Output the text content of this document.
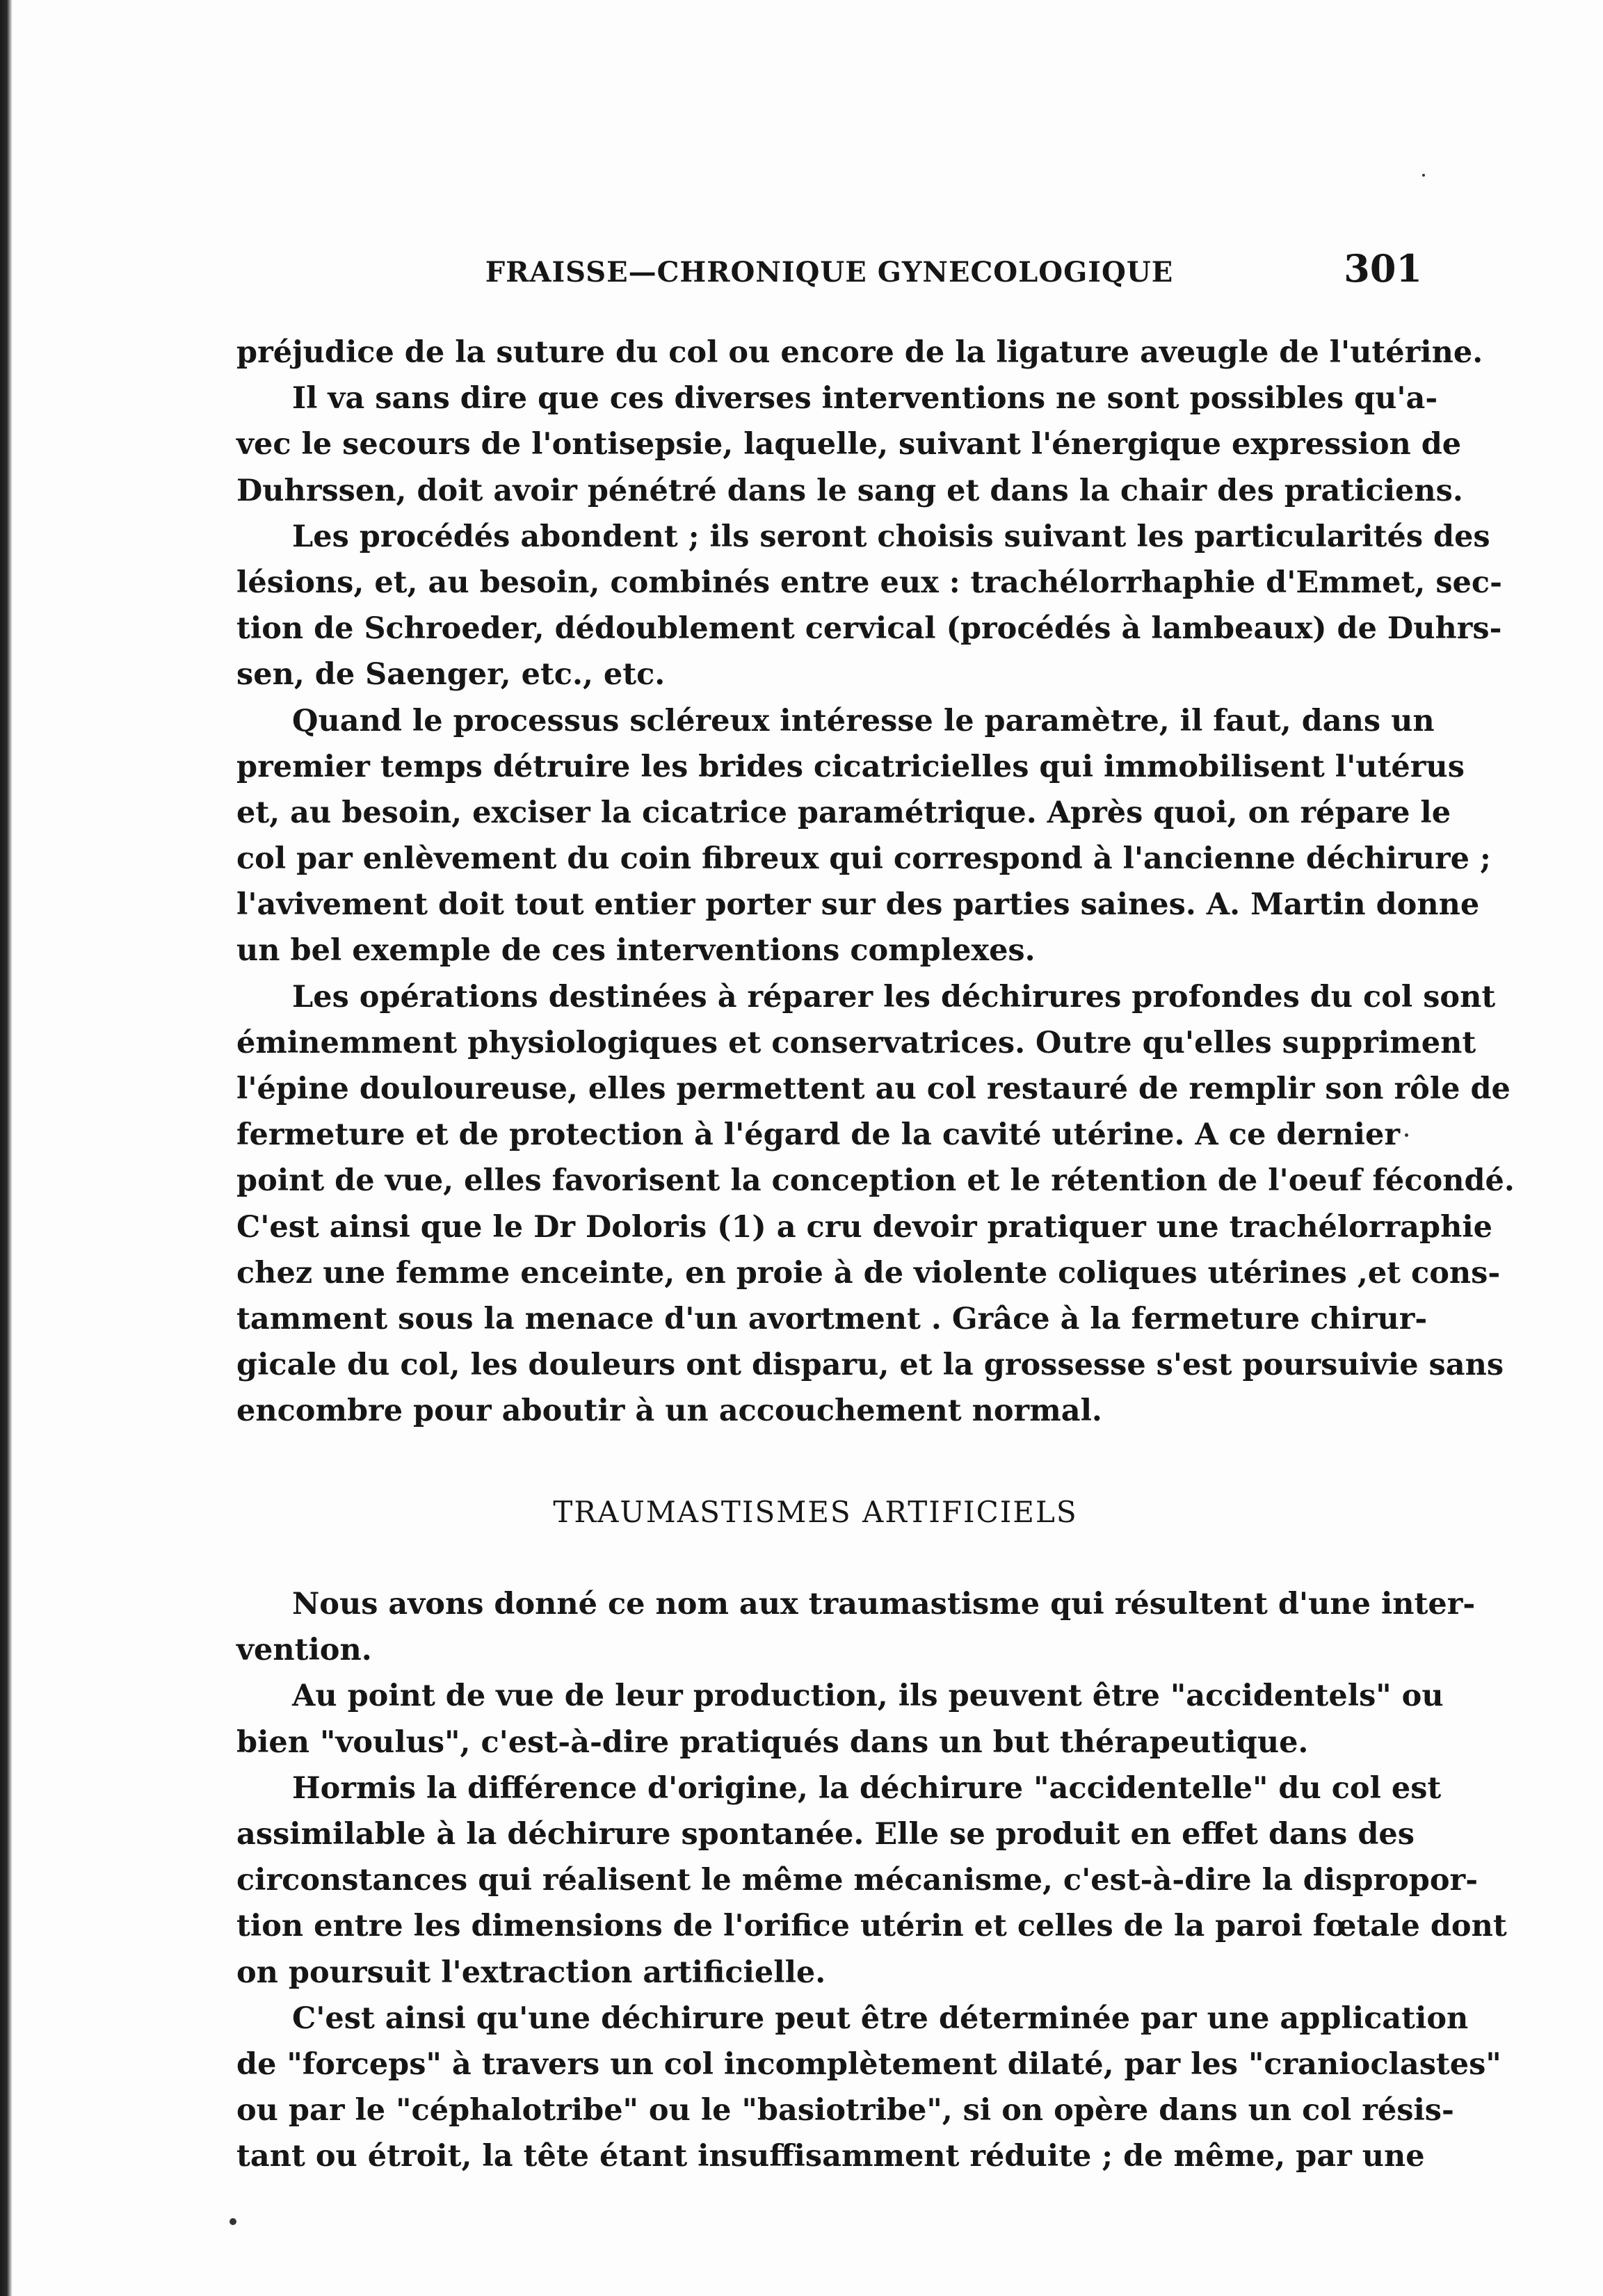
FRAISSE—CHRONIQUE GYNECOLOGIQUE	301
préjudice de la suture du col ou encore de la ligature aveugle de l'utérine.
Il va sans dire que ces diverses interventions ne sont possibles qu'a-
vec le secours de l'ontisepsie, laquelle, suivant l'énergique expression de
Duhrssen, doit avoir pénétré dans le sang et dans la chair des praticiens.
Les procédés abondent ; ils seront choisis suivant les particularités des
lésions, et, au besoin, combinés entre eux : trachélorrhaphie d'Emmet, sec-
tion de Schroeder, dédoublement cervical (procédés à lambeaux) de Duhrs-
sen, de Saenger, etc., etc.
Quand le processus scléreux intéresse le paramètre, il faut, dans un
premier temps détruire les brides cicatricielles qui immobilisent l'utérus
et, au besoin, exciser la cicatrice paramétrique. Après quoi, on répare le
col par enlèvement du coin fibreux qui correspond à l'ancienne déchirure ;
l'avivement doit tout entier porter sur des parties saines. A. Martin donne
un bel exemple de ces interventions complexes.
Les opérations destinées à réparer les déchirures profondes du col sont
éminemment physiologiques et conservatrices. Outre qu'elles suppriment
l'épine douloureuse, elles permettent au col restauré de remplir son rôle de
fermeture et de protection à l'égard de la cavité utérine. A ce dernier
point de vue, elles favorisent la conception et le rétention de l'oeuf fécondé.
C'est ainsi que le Dr Doloris (1) a cru devoir pratiquer une trachélorraphie
chez une femme enceinte, en proie à de violente coliques utérines ,et cons-
tamment sous la menace d'un avortment . Grâce à la fermeture chirur-
gicale du col, les douleurs ont disparu, et la grossesse s'est poursuivie sans
encombre pour aboutir à un accouchement normal.
TRAUMASTISMES ARTIFICIELS
Nous avons donné ce nom aux traumastisme qui résultent d'une inter-
vention.
Au point de vue de leur production, ils peuvent être "accidentels" ou
bien "voulus", c'est-à-dire pratiqués dans un but thérapeutique.
Hormis la différence d'origine, la déchirure "accidentelle" du col est
assimilable à la déchirure spontanée. Elle se produit en effet dans des
circonstances qui réalisent le même mécanisme, c'est-à-dire la dispropor-
tion entre les dimensions de l'orifice utérin et celles de la paroi fœtale dont
on poursuit l'extraction artificielle.
C'est ainsi qu'une déchirure peut être déterminée par une application
de "forceps" à travers un col incomplètement dilaté, par les "cranioclastes"
ou par le "céphalotribe" ou le "basiotribe", si on opère dans un col résis-
tant ou étroit, la tête étant insuffisamment réduite ; de même, par une
